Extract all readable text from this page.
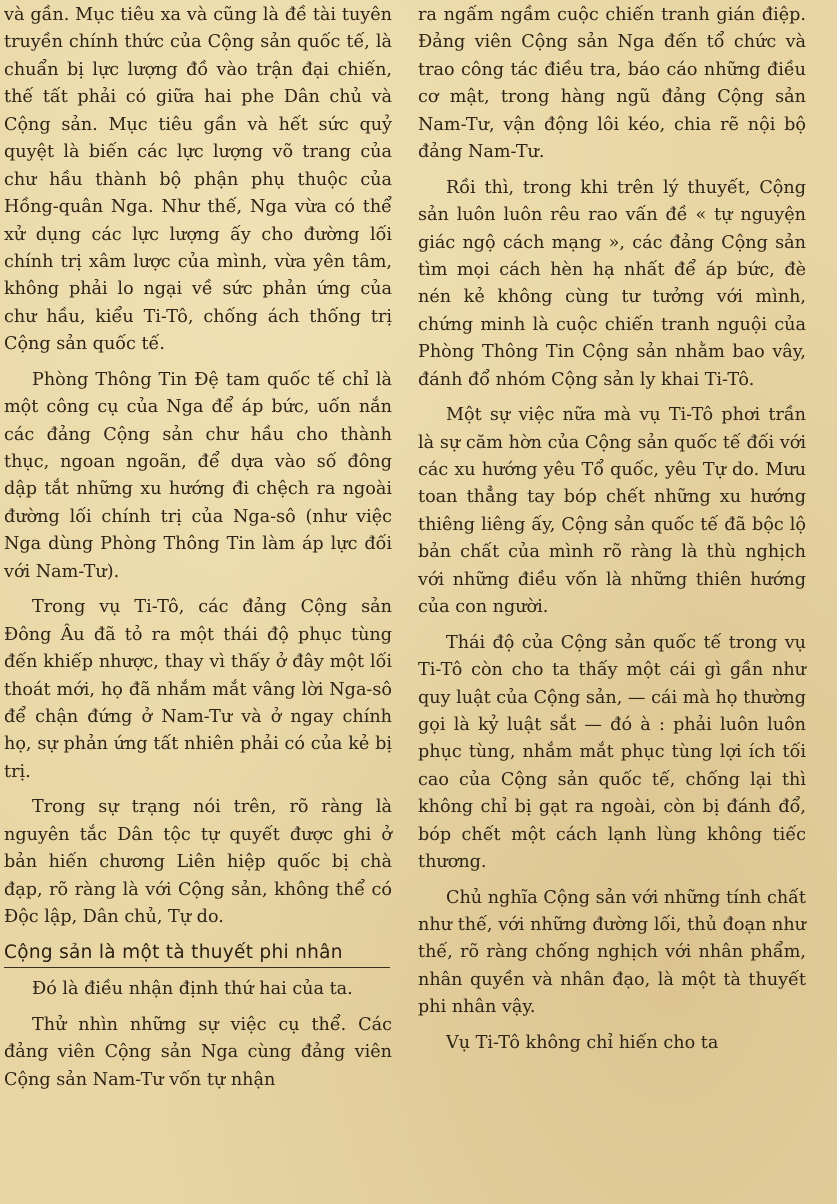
và gần. Mục tiêu xa và cũng là đề tài tuyên truyền chính thức của Cộng sản quốc tế, là chuẩn bị lực lượng đồ vào trận đại chiến, thế tất phải có giữa hai phe Dân chủ và Cộng sản. Mục tiêu gần và hết sức quỷ quyệt là biến các lực lượng võ trang của chư hầu thành bộ phận phụ thuộc của Hồng-quân Nga. Như thế, Nga vừa có thể xử dụng các lực lượng ấy cho đường lối chính trị xâm lược của mình, vừa yên tâm, không phải lo ngại về sức phản ứng của chư hầu, kiểu Ti-Tô, chống ách thống trị Cộng sản quốc tế.

Phòng Thông Tin Đệ tam quốc tế chỉ là một công cụ của Nga để áp bức, uốn nắn các đảng Cộng sản chư hầu cho thành thục, ngoan ngoãn, để dựa vào số đông dập tắt những xu hướng đi chệch ra ngoài đường lối chính trị của Nga-sô (như việc Nga dùng Phòng Thông Tin làm áp lực đối với Nam-Tư).

Trong vụ Ti-Tô, các đảng Cộng sản Đông Âu đã tỏ ra một thái độ phục tùng đến khiếp nhược, thay vì thấy ở đây một lối thoát mới, họ đã nhắm mắt vâng lời Nga-sô để chận đứng ở Nam-Tư và ở ngay chính họ, sự phản ứng tất nhiên phải có của kẻ bị trị.

Trong sự trạng nói trên, rõ ràng là nguyên tắc Dân tộc tự quyết được ghi ở bản hiến chương Liên hiệp quốc bị chà đạp, rõ ràng là với Cộng sản, không thể có Độc lập, Dân chủ, Tự do.

Cộng sản là một tà thuyết phi nhân

Đó là điều nhận định thứ hai của ta.

Thử nhìn những sự việc cụ thể. Các đảng viên Cộng sản Nga cùng đảng viên Cộng sản Nam-Tư vốn tự nhận

ra ngấm ngầm cuộc chiến tranh gián điệp. Đảng viên Cộng sản Nga đến tổ chức và trao công tác điều tra, báo cáo những điều cơ mật, trong hàng ngũ đảng Cộng sản Nam-Tư, vận động lôi kéo, chia rẽ nội bộ đảng Nam-Tư.

Rồi thì, trong khi trên lý thuyết, Cộng sản luôn luôn rêu rao vấn đề « tự nguyện giác ngộ cách mạng », các đảng Cộng sản tìm mọi cách hèn hạ nhất để áp bức, đè nén kẻ không cùng tư tưởng với mình, chứng minh là cuộc chiến tranh nguội của Phòng Thông Tin Cộng sản nhằm bao vây, đánh đổ nhóm Cộng sản ly khai Ti-Tô.

Một sự việc nữa mà vụ Ti-Tô phơi trần là sự căm hờn của Cộng sản quốc tế đối với các xu hướng yêu Tổ quốc, yêu Tự do. Mưu toan thẳng tay bóp chết những xu hướng thiêng liêng ấy, Cộng sản quốc tế đã bộc lộ bản chất của mình rõ ràng là thù nghịch với những điều vốn là những thiên hướng của con người.

Thái độ của Cộng sản quốc tế trong vụ Ti-Tô còn cho ta thấy một cái gì gần như quy luật của Cộng sản, — cái mà họ thường gọi là kỷ luật sắt — đó à : phải luôn luôn phục tùng, nhắm mắt phục tùng lợi ích tối cao của Cộng sản quốc tế, chống lại thì không chỉ bị gạt ra ngoài, còn bị đánh đổ, bóp chết một cách lạnh lùng không tiếc thương.

Chủ nghĩa Cộng sản với những tính chất như thế, với những đường lối, thủ đoạn như thế, rõ ràng chống nghịch với nhân phẩm, nhân quyền và nhân đạo, là một tà thuyết phi nhân vậy.

Vụ Ti-Tô không chỉ hiến cho ta
